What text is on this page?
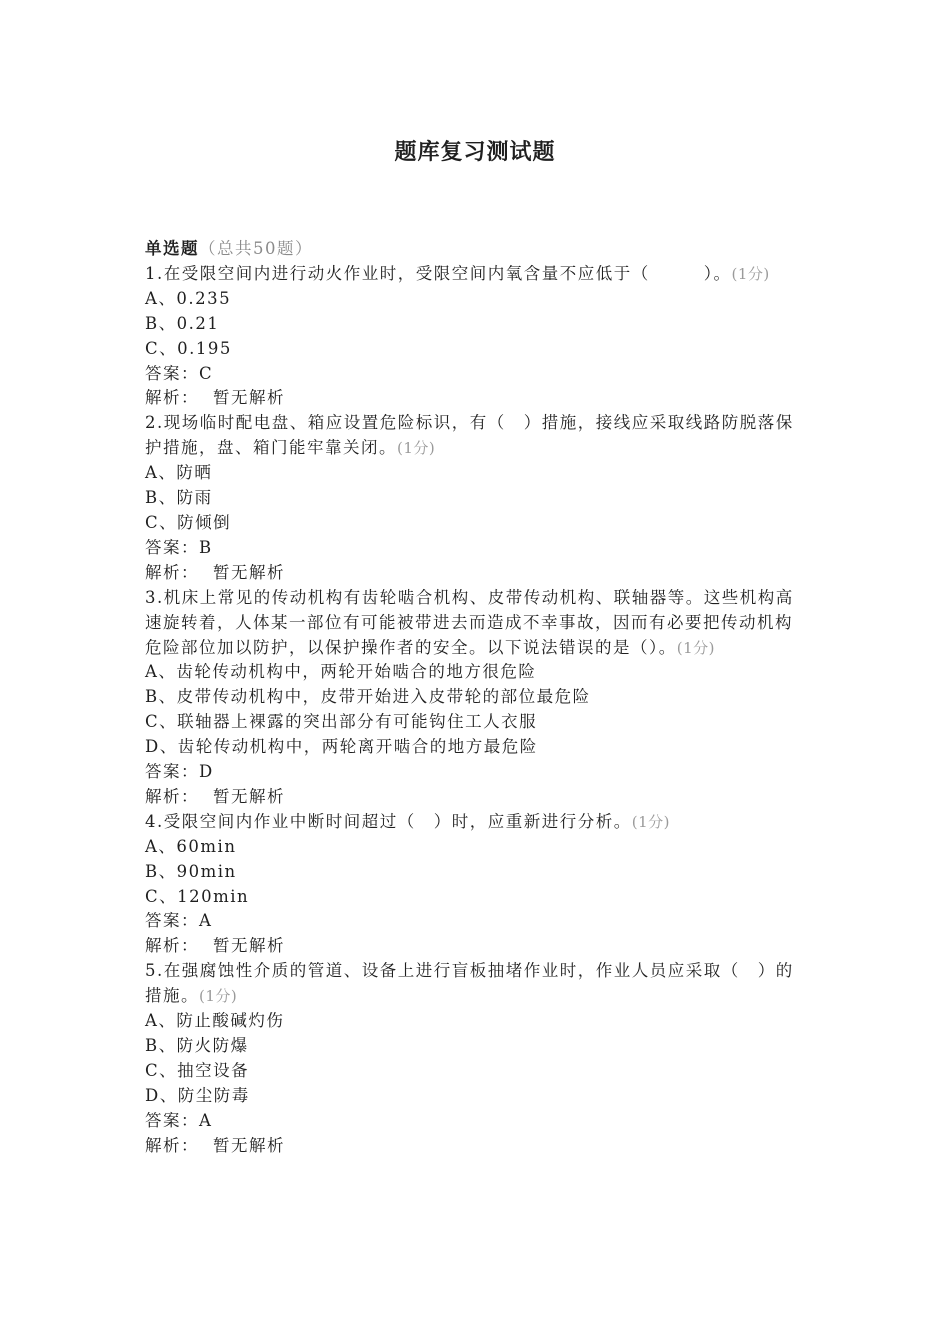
题库复习测试题
单选题（总共50题）
1.在受限空间内进行动火作业时，受限空间内氧含量不应低于（　　　）。(1分)
A、0.235
B、0.21
C、0.195
答案：C
解析： 暂无解析
2.现场临时配电盘、箱应设置危险标识，有（　）措施，接线应采取线路防脱落保护措施，盘、箱门能牢靠关闭。(1分)
A、防晒
B、防雨
C、防倾倒
答案：B
解析： 暂无解析
3.机床上常见的传动机构有齿轮啮合机构、皮带传动机构、联轴器等。这些机构高速旋转着，人体某一部位有可能被带进去而造成不幸事故，因而有必要把传动机构危险部位加以防护，以保护操作者的安全。以下说法错误的是（）。(1分)
A、齿轮传动机构中，两轮开始啮合的地方很危险
B、皮带传动机构中，皮带开始进入皮带轮的部位最危险
C、联轴器上裸露的突出部分有可能钩住工人衣服
D、齿轮传动机构中，两轮离开啮合的地方最危险
答案：D
解析： 暂无解析
4.受限空间内作业中断时间超过（　）时，应重新进行分析。(1分)
A、60min
B、90min
C、120min
答案：A
解析： 暂无解析
5.在强腐蚀性介质的管道、设备上进行盲板抽堵作业时，作业人员应采取（　）的措施。(1分)
A、防止酸碱灼伤
B、防火防爆
C、抽空设备
D、防尘防毒
答案：A
解析： 暂无解析
